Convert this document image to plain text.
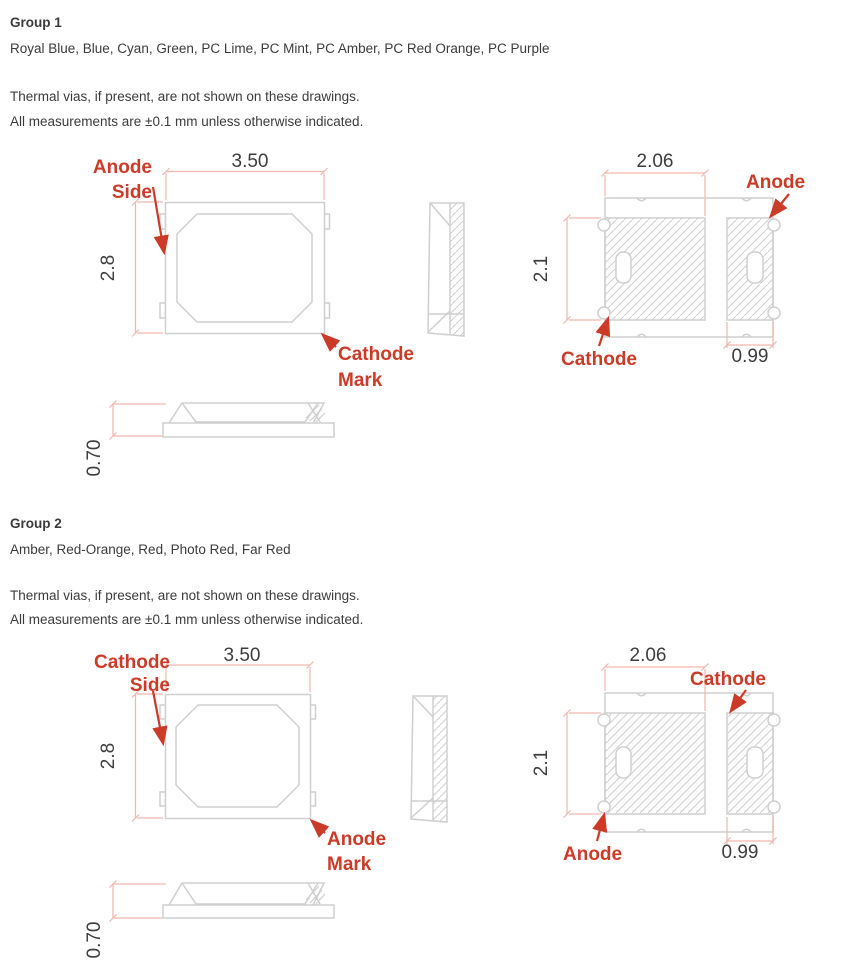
Group 1
Royal Blue, Blue, Cyan, Green, PC Lime, PC Mint, PC Amber, PC Red Orange, PC Purple
Thermal vias, if present, are not shown on these drawings.
All measurements are ±0.1 mm unless otherwise indicated.
3.50
2.8
Anode
Side
Cathode
Mark
2.06
2.1
0.99
Anode
Cathode
0.70
Group 2
Amber, Red-Orange, Red, Photo Red, Far Red
Thermal vias, if present, are not shown on these drawings.
All measurements are ±0.1 mm unless otherwise indicated.
3.50
2.8
Cathode
Side
Anode
Mark
2.06
2.1
0.99
Cathode
Anode
0.70
